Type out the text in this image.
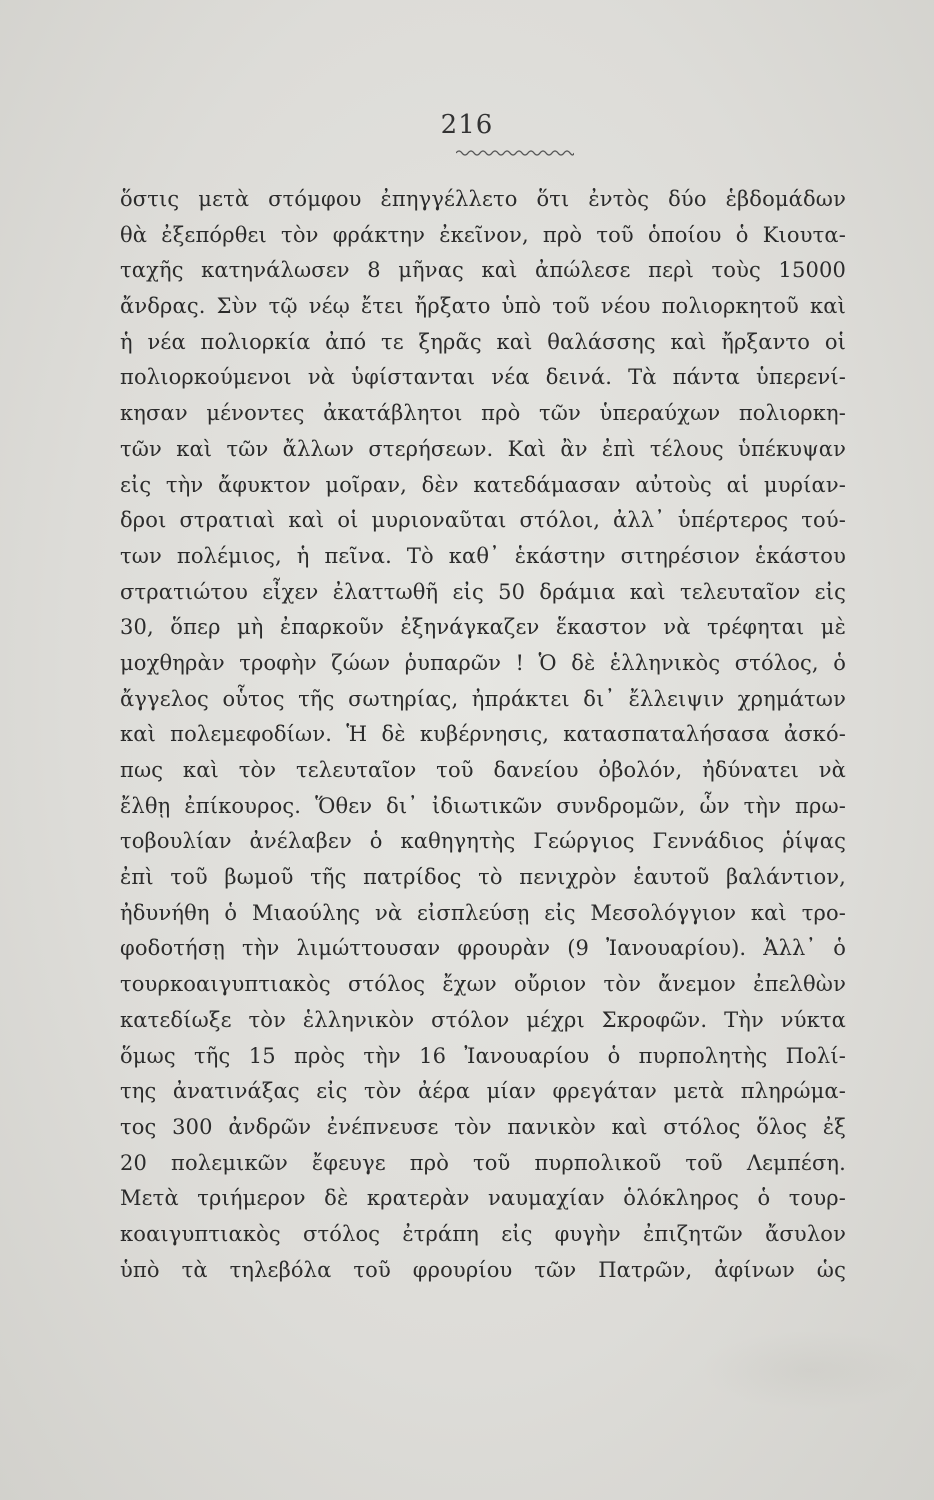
216
ὅστις μετὰ στόμφου ἐπηγγέλλετο ὅτι ἐντὸς δύο ἑβδομάδων
θὰ ἐξεπόρθει τὸν φράκτην ἐκεῖνον, πρὸ τοῦ ὁποίου ὁ Κιουτα-
ταχῆς κατηνάλωσεν 8 μῆνας καὶ ἀπώλεσε περὶ τοὺς 15000
ἄνδρας. Σὺν τῷ νέῳ ἔτει ἤρξατο ὑπὸ τοῦ νέου πολιορκητοῦ καὶ
ἡ νέα πολιορκία ἀπό τε ξηρᾶς καὶ θαλάσσης καὶ ἤρξαντο οἱ
πολιορκούμενοι νὰ ὑφίστανται νέα δεινά. Τὰ πάντα ὑπερενί-
κησαν μένοντες ἀκατάβλητοι πρὸ τῶν ὑπεραύχων πολιορκη-
τῶν καὶ τῶν ἄλλων στερήσεων. Καὶ ἂν ἐπὶ τέλους ὑπέκυψαν
εἰς τὴν ἄφυκτον μοῖραν, δὲν κατεδάμασαν αὐτοὺς αἱ μυρίαν-
δροι στρατιαὶ καὶ οἱ μυριοναῦται στόλοι, ἀλλ᾽ ὑπέρτερος τού-
των πολέμιος, ἡ πεῖνα. Τὸ καθ᾽ ἑκάστην σιτηρέσιον ἑκάστου
στρατιώτου εἶχεν ἐλαττωθῆ εἰς 50 δράμια καὶ τελευταῖον εἰς
30, ὅπερ μὴ ἐπαρκοῦν ἐξηνάγκαζεν ἕκαστον νὰ τρέφηται μὲ
μοχθηρὰν τροφὴν ζώων ῥυπαρῶν ! Ὁ δὲ ἑλληνικὸς στόλος, ὁ
ἄγγελος οὗτος τῆς σωτηρίας, ἠπράκτει δι᾽ ἔλλειψιν χρημάτων
καὶ πολεμεφοδίων. Ἡ δὲ κυβέρνησις, κατασπαταλήσασα ἀσκό-
πως καὶ τὸν τελευταῖον τοῦ δανείου ὀβολόν, ἠδύνατει νὰ
ἔλθῃ ἐπίκουρος. Ὅθεν δι᾽ ἰδιωτικῶν συνδρομῶν, ὧν τὴν πρω-
τοβουλίαν ἀνέλαβεν ὁ καθηγητὴς Γεώργιος Γεννάδιος ῥίψας
ἐπὶ τοῦ βωμοῦ τῆς πατρίδος τὸ πενιχρὸν ἑαυτοῦ βαλάντιον,
ἠδυνήθη ὁ Μιαούλης νὰ εἰσπλεύσῃ εἰς Μεσολόγγιον καὶ τρο-
φοδοτήσῃ τὴν λιμώττουσαν φρουρὰν (9 Ἰανουαρίου). Ἀλλ᾽ ὁ
τουρκοαιγυπτιακὸς στόλος ἔχων οὔριον τὸν ἄνεμον ἐπελθὼν
κατεδίωξε τὸν ἑλληνικὸν στόλον μέχρι Σκροφῶν. Τὴν νύκτα
ὅμως τῆς 15 πρὸς τὴν 16 Ἰανουαρίου ὁ πυρπολητὴς Πολί-
της ἀνατινάξας εἰς τὸν ἀέρα μίαν φρεγάταν μετὰ πληρώμα-
τος 300 ἀνδρῶν ἐνέπνευσε τὸν πανικὸν καὶ στόλος ὅλος ἐξ
20 πολεμικῶν ἔφευγε πρὸ τοῦ πυρπολικοῦ τοῦ Λεμπέση.
Μετὰ τριήμερον δὲ κρατερὰν ναυμαχίαν ὁλόκληρος ὁ τουρ-
κοαιγυπτιακὸς στόλος ἐτράπη εἰς φυγὴν ἐπιζητῶν ἄσυλον
ὑπὸ τὰ τηλεβόλα τοῦ φρουρίου τῶν Πατρῶν, ἀφίνων ὡς
